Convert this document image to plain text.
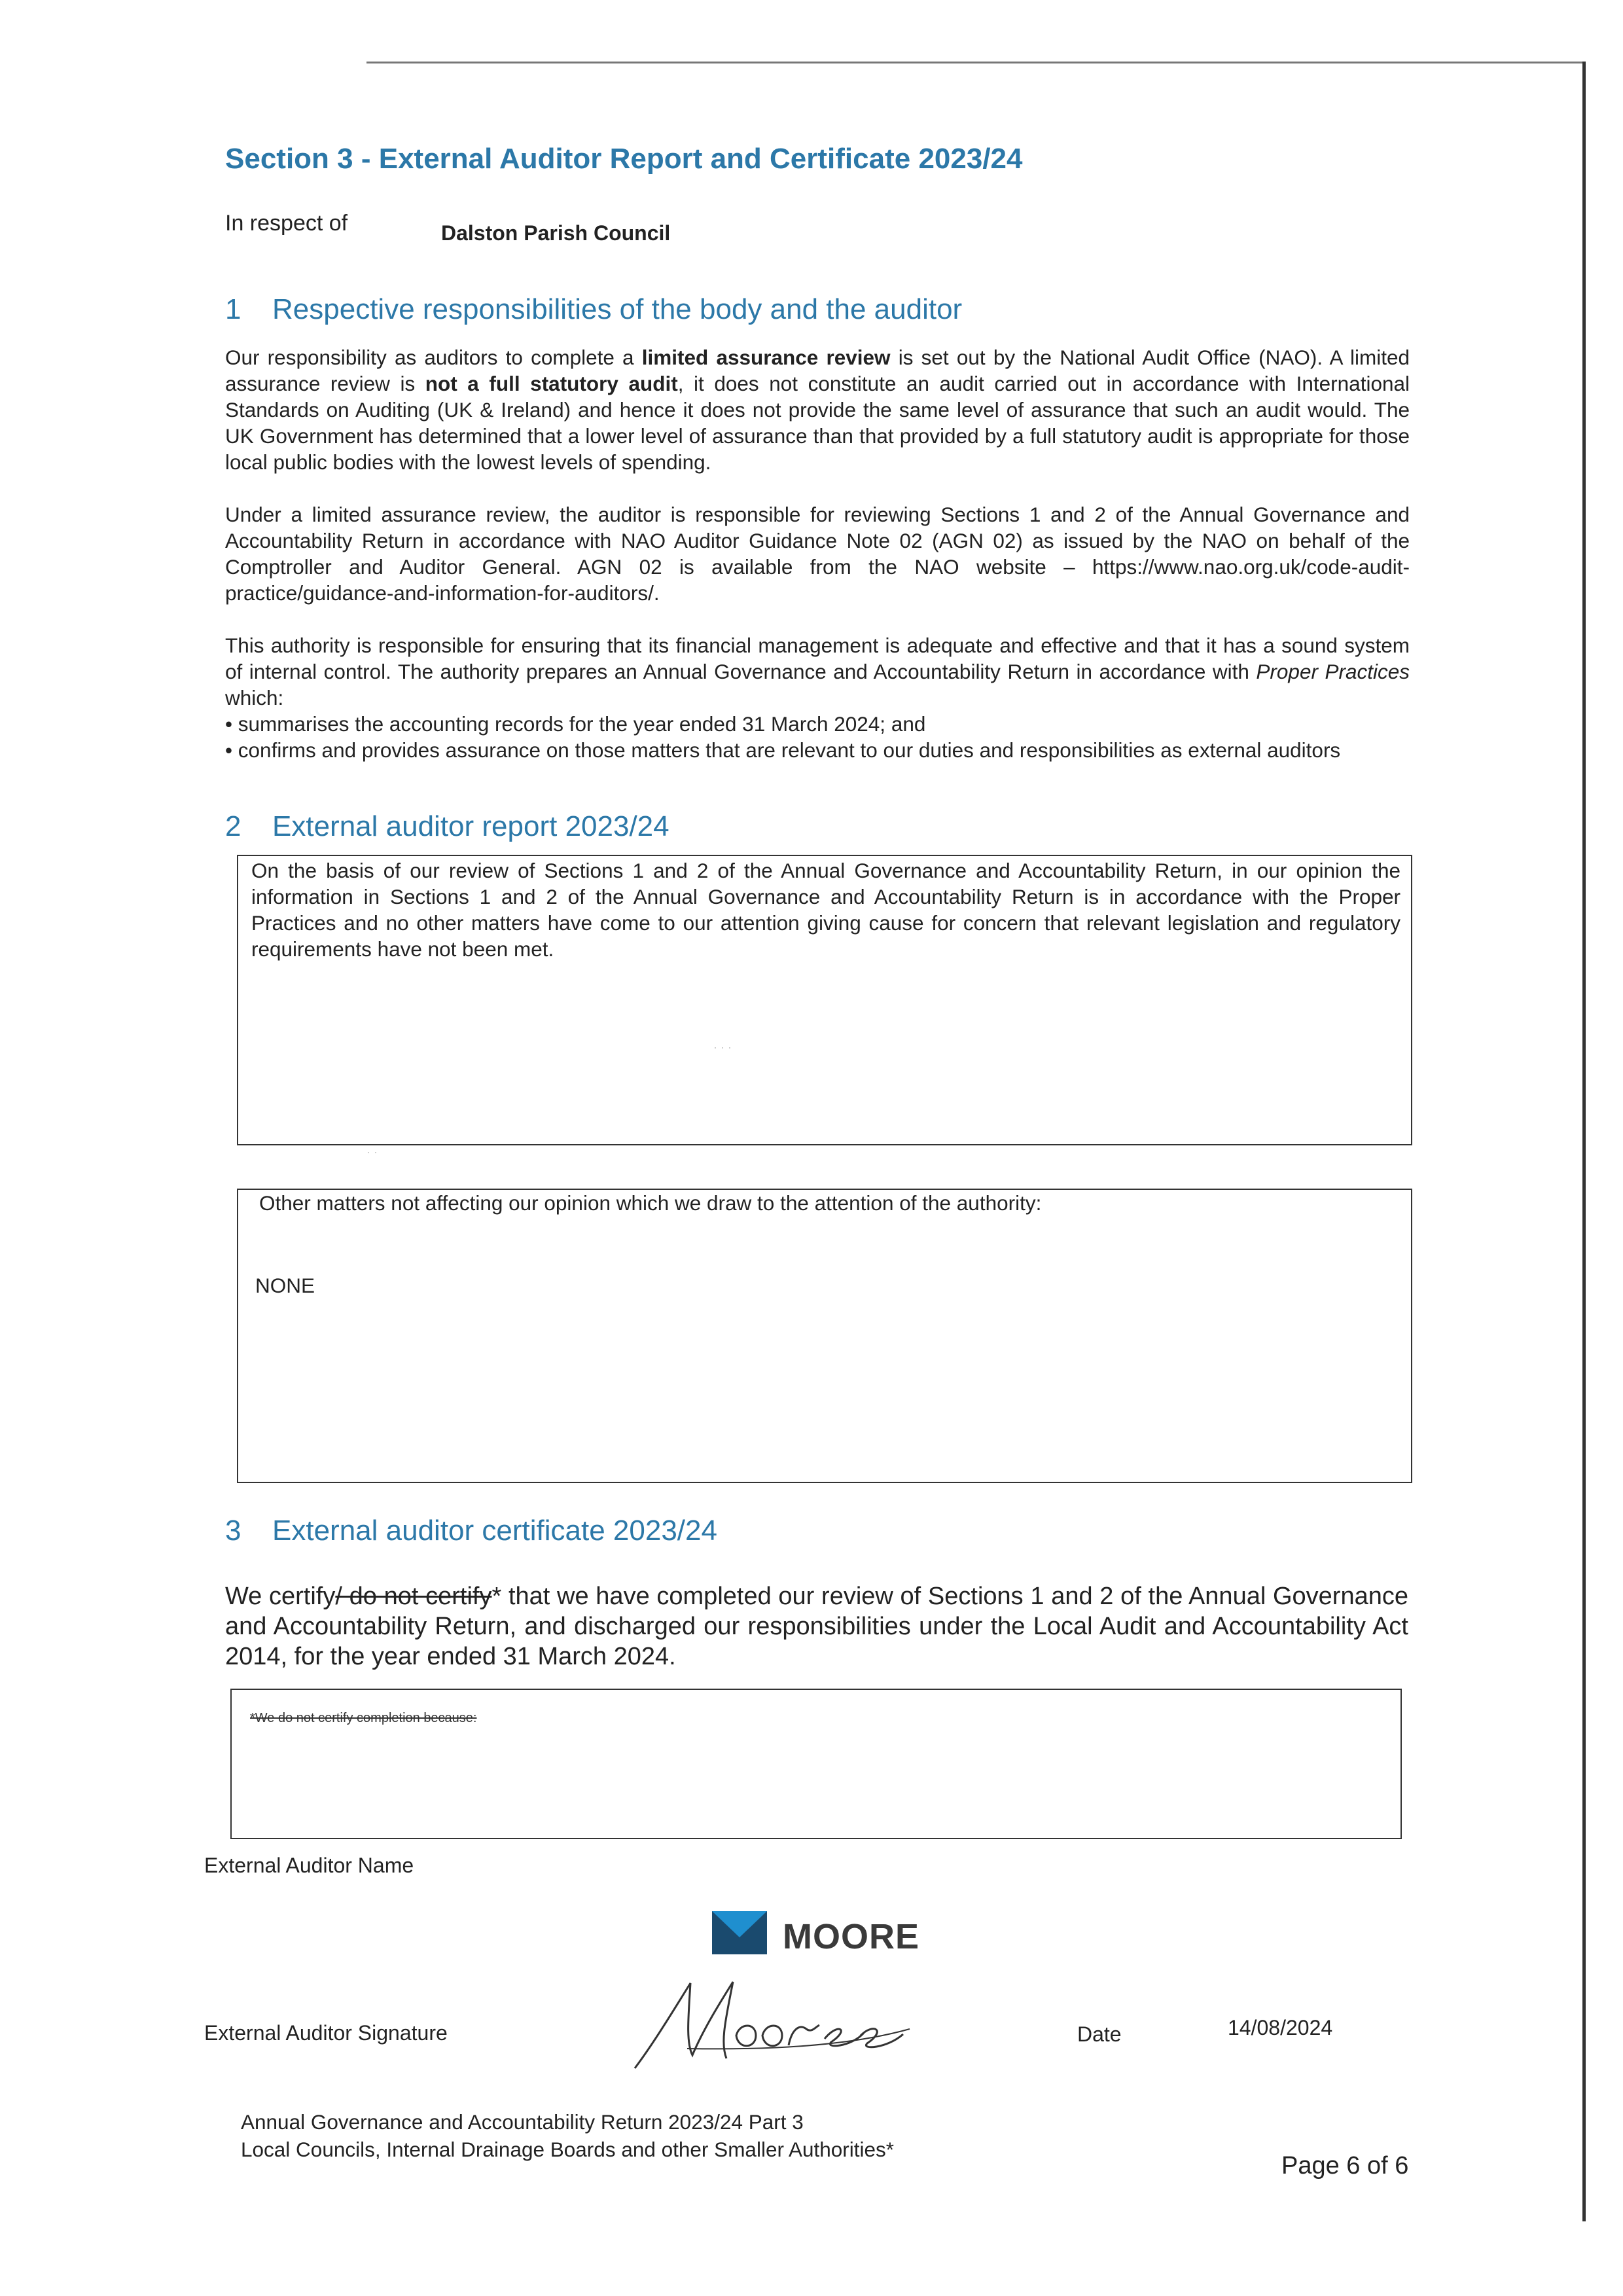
Section 3 - External Auditor Report and Certificate 2023/24
In respect of	Dalston Parish Council
1 Respective responsibilities of the body and the auditor

Our responsibility as auditors to complete a limited assurance review is set out by the National Audit Office (NAO). A limited assurance review is not a full statutory audit, it does not constitute an audit carried out in accordance with International Standards on Auditing (UK & Ireland) and hence it does not provide the same level of assurance that such an audit would. The UK Government has determined that a lower level of assurance than that provided by a full statutory audit is appropriate for those local public bodies with the lowest levels of spending.

Under a limited assurance review, the auditor is responsible for reviewing Sections 1 and 2 of the Annual Governance and Accountability Return in accordance with NAO Auditor Guidance Note 02 (AGN 02) as issued by the NAO on behalf of the Comptroller and Auditor General. AGN 02 is available from the NAO website – https://www.nao.org.uk/code-audit-practice/guidance-and-information-for-auditors/.

This authority is responsible for ensuring that its financial management is adequate and effective and that it has a sound system of internal control. The authority prepares an Annual Governance and Accountability Return in accordance with Proper Practices which:

• summarises the accounting records for the year ended 31 March 2024; and

• confirms and provides assurance on those matters that are relevant to our duties and responsibilities as external auditors

2 External auditor report 2023/24

On the basis of our review of Sections 1 and 2 of the Annual Governance and Accountability Return, in our opinion the information in Sections 1 and 2 of the Annual Governance and Accountability Return is in accordance with the Proper Practices and no other matters have come to our attention giving cause for concern that relevant legislation and regulatory requirements have not been met.

Other matters not affecting our opinion which we draw to the attention of the authority:

NONE

· · ·
· ·
3 External auditor certificate 2023/24

We certify/ do not certify* that we have completed our review of Sections 1 and 2 of the Annual Governance and Accountability Return, and discharged our responsibilities under the Local Audit and Accountability Act 2014, for the year ended 31 March 2024.

*We do not certify completion because:
External Auditor Name
MOORE
External Auditor Signature	Date	14/08/2024
Annual Governance and Accountability Return 2023/24 Part 3
Local Councils, Internal Drainage Boards and other Smaller Authorities*
Page 6 of 6
